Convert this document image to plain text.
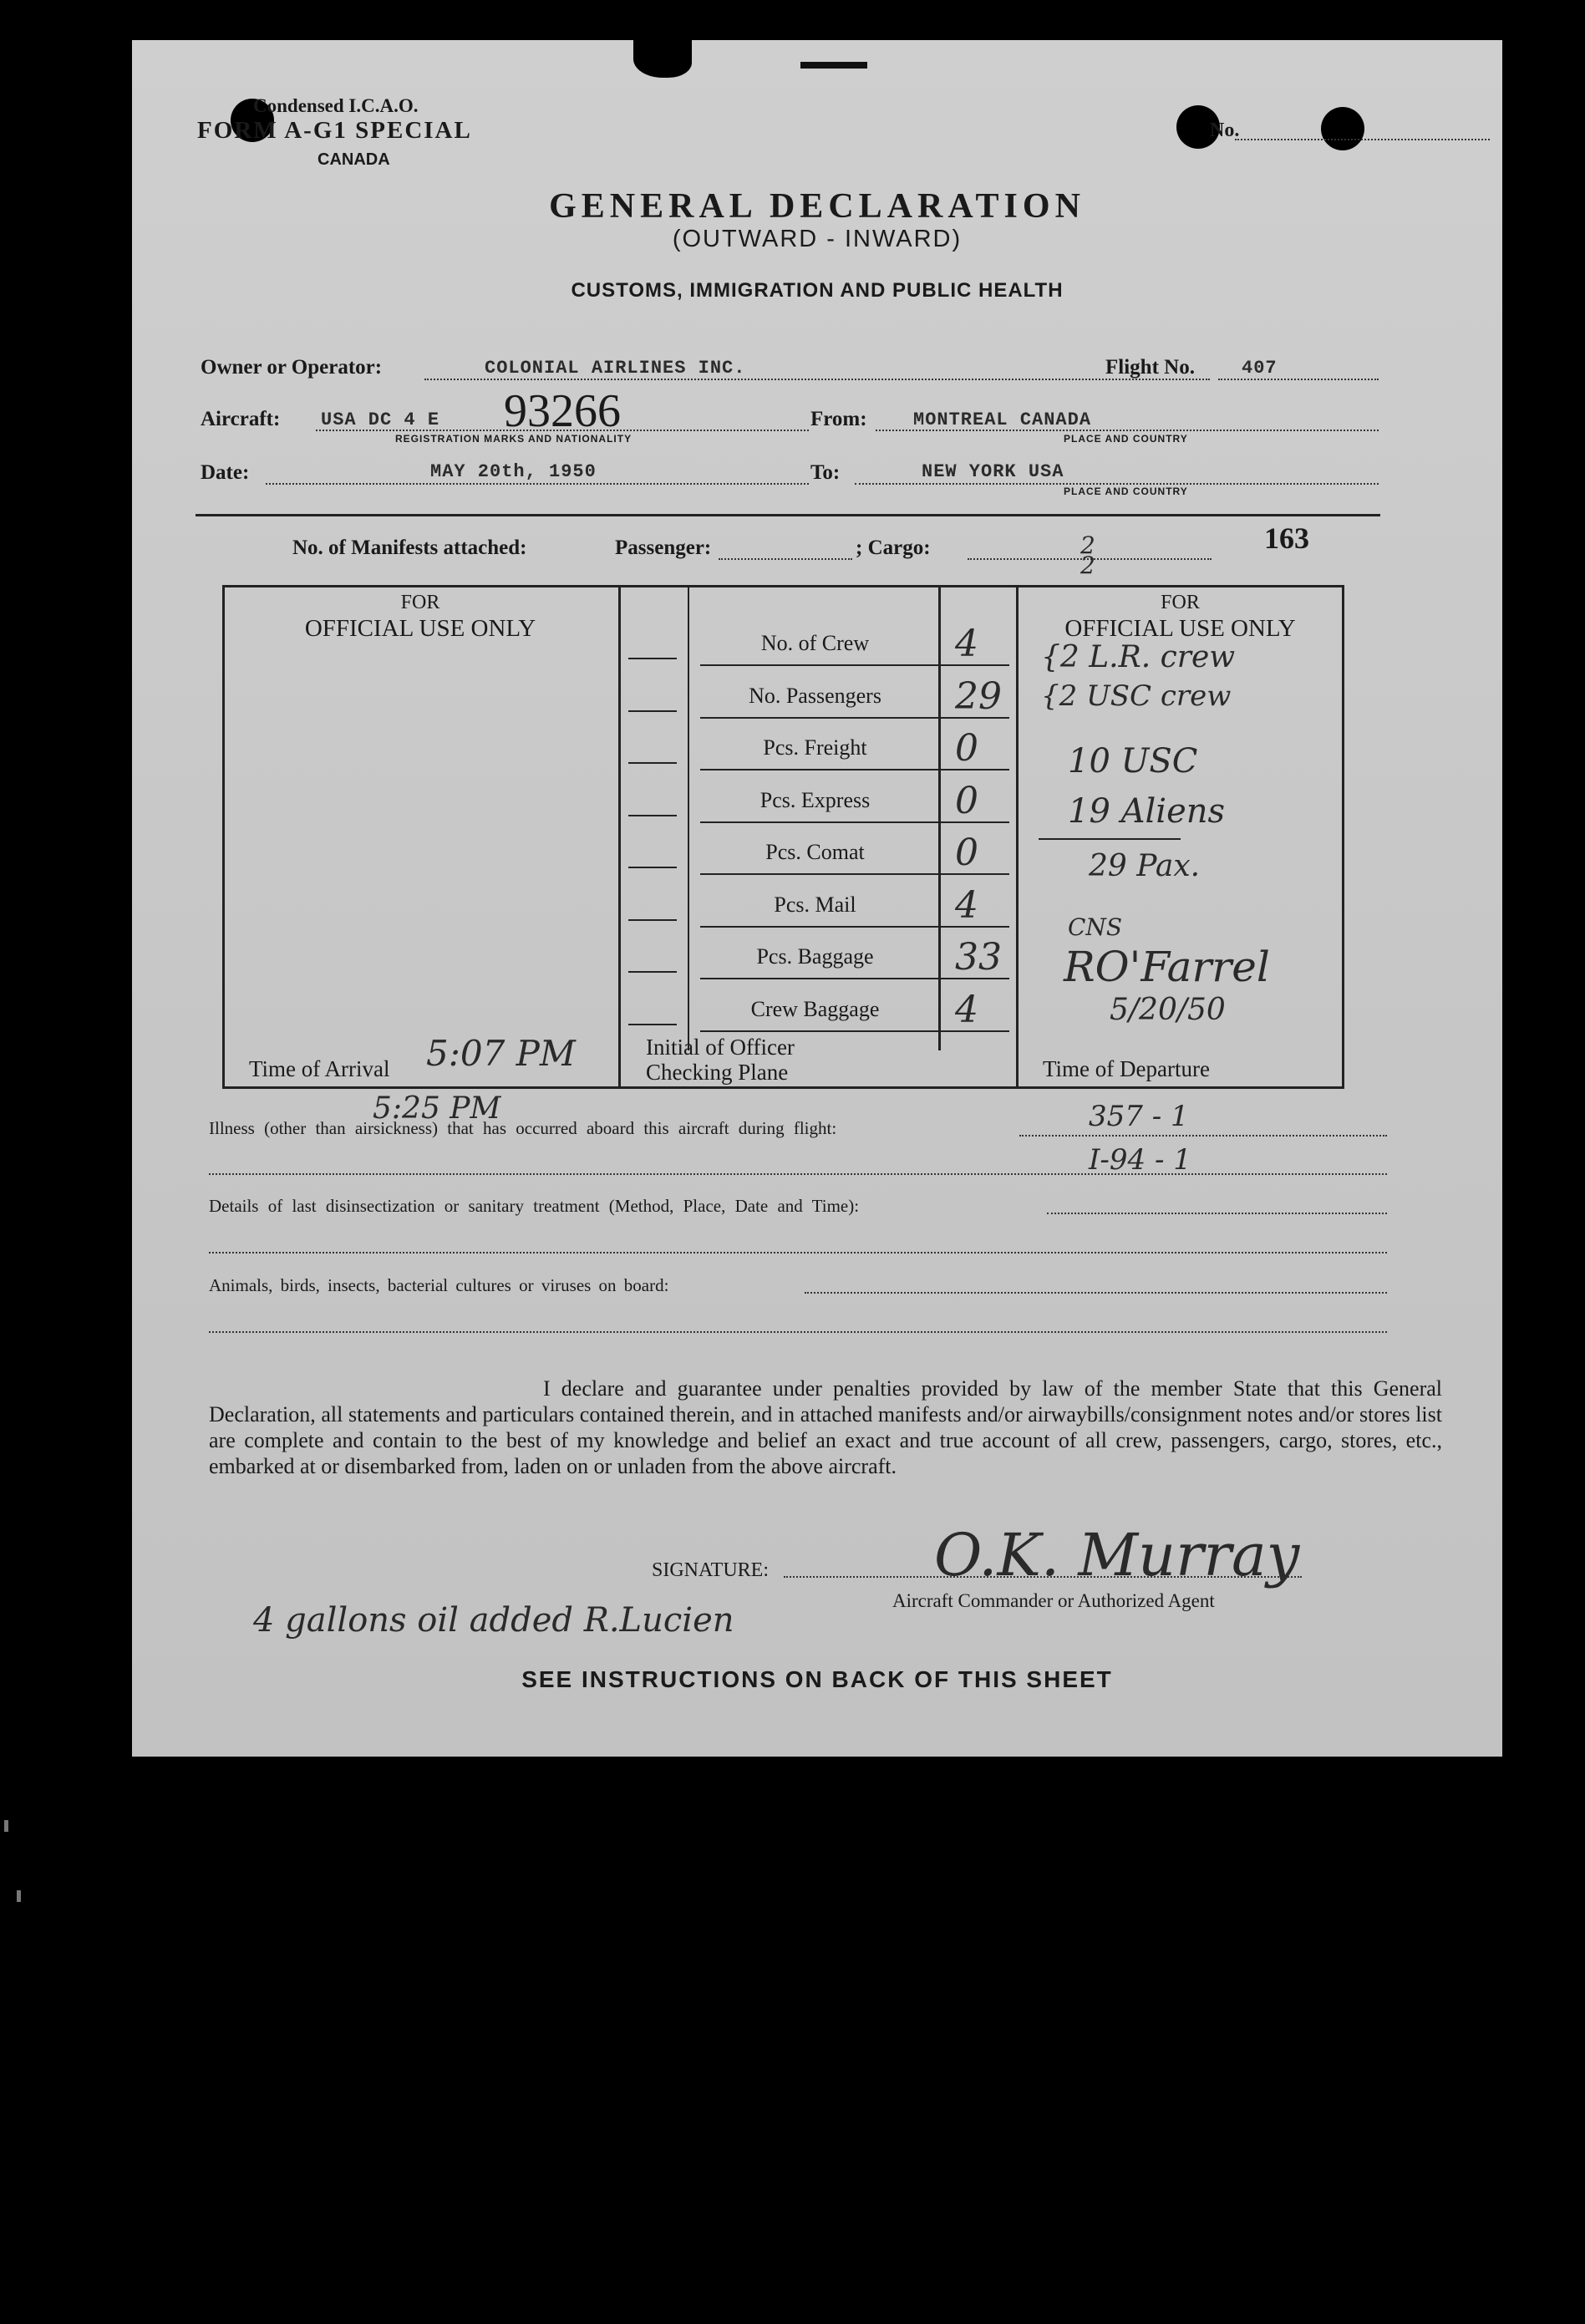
Condensed I.C.A.O.
FORM A-G1 SPECIAL
CANADA
No.
GENERAL DECLARATION
(OUTWARD - INWARD)
CUSTOMS, IMMIGRATION AND PUBLIC HEALTH
Owner or Operator:	COLONIAL AIRLINES INC.	Flight No.	407
Aircraft: USA DC 4 E 93266
REGISTRATION MARKS AND NATIONALITY
From:	MONTREAL CANADA
PLACE AND COUNTRY
Date:	MAY 20th, 1950	To:	NEW YORK USA
PLACE AND COUNTRY
No. of Manifests attached:	Passenger:	; Cargo:	2
2
163
FOR
OFFICIAL USE ONLY
Time of Arrival 5:07 PM
FOR
OFFICIAL USE ONLY
Time of Departure
{2 L.R. crew
{2 USC crew
10 USC
19 Aliens
29 Pax.
CNS
RO'Farrel
5/20/50
No. of Crew	4
No. Passengers	29
Pcs. Freight	0
Pcs. Express	0
Pcs. Comat	0
Pcs. Mail	4
Pcs. Baggage	33
Crew Baggage	4
Initial of Officer
Checking Plane
5:25 PM
Illness (other than airsickness) that has occurred aboard this aircraft during flight:	357 - 1
I-94 - 1
Details of last disinsectization or sanitary treatment (Method, Place, Date and Time):
Animals, birds, insects, bacterial cultures or viruses on board:
I declare and guarantee under penalties provided by law of the member State that this General Declaration, all statements and particulars contained therein, and in attached manifests and/or airwaybills/consignment notes and/or stores list are complete and contain to the best of my knowledge and belief an exact and true account of all crew, passengers, cargo, stores, etc., embarked at or disembarked from, laden on or unladen from the above aircraft.
SIGNATURE:	O.K. Murray
Aircraft Commander or Authorized Agent
4 gallons oil added R.Lucien
SEE INSTRUCTIONS ON BACK OF THIS SHEET
